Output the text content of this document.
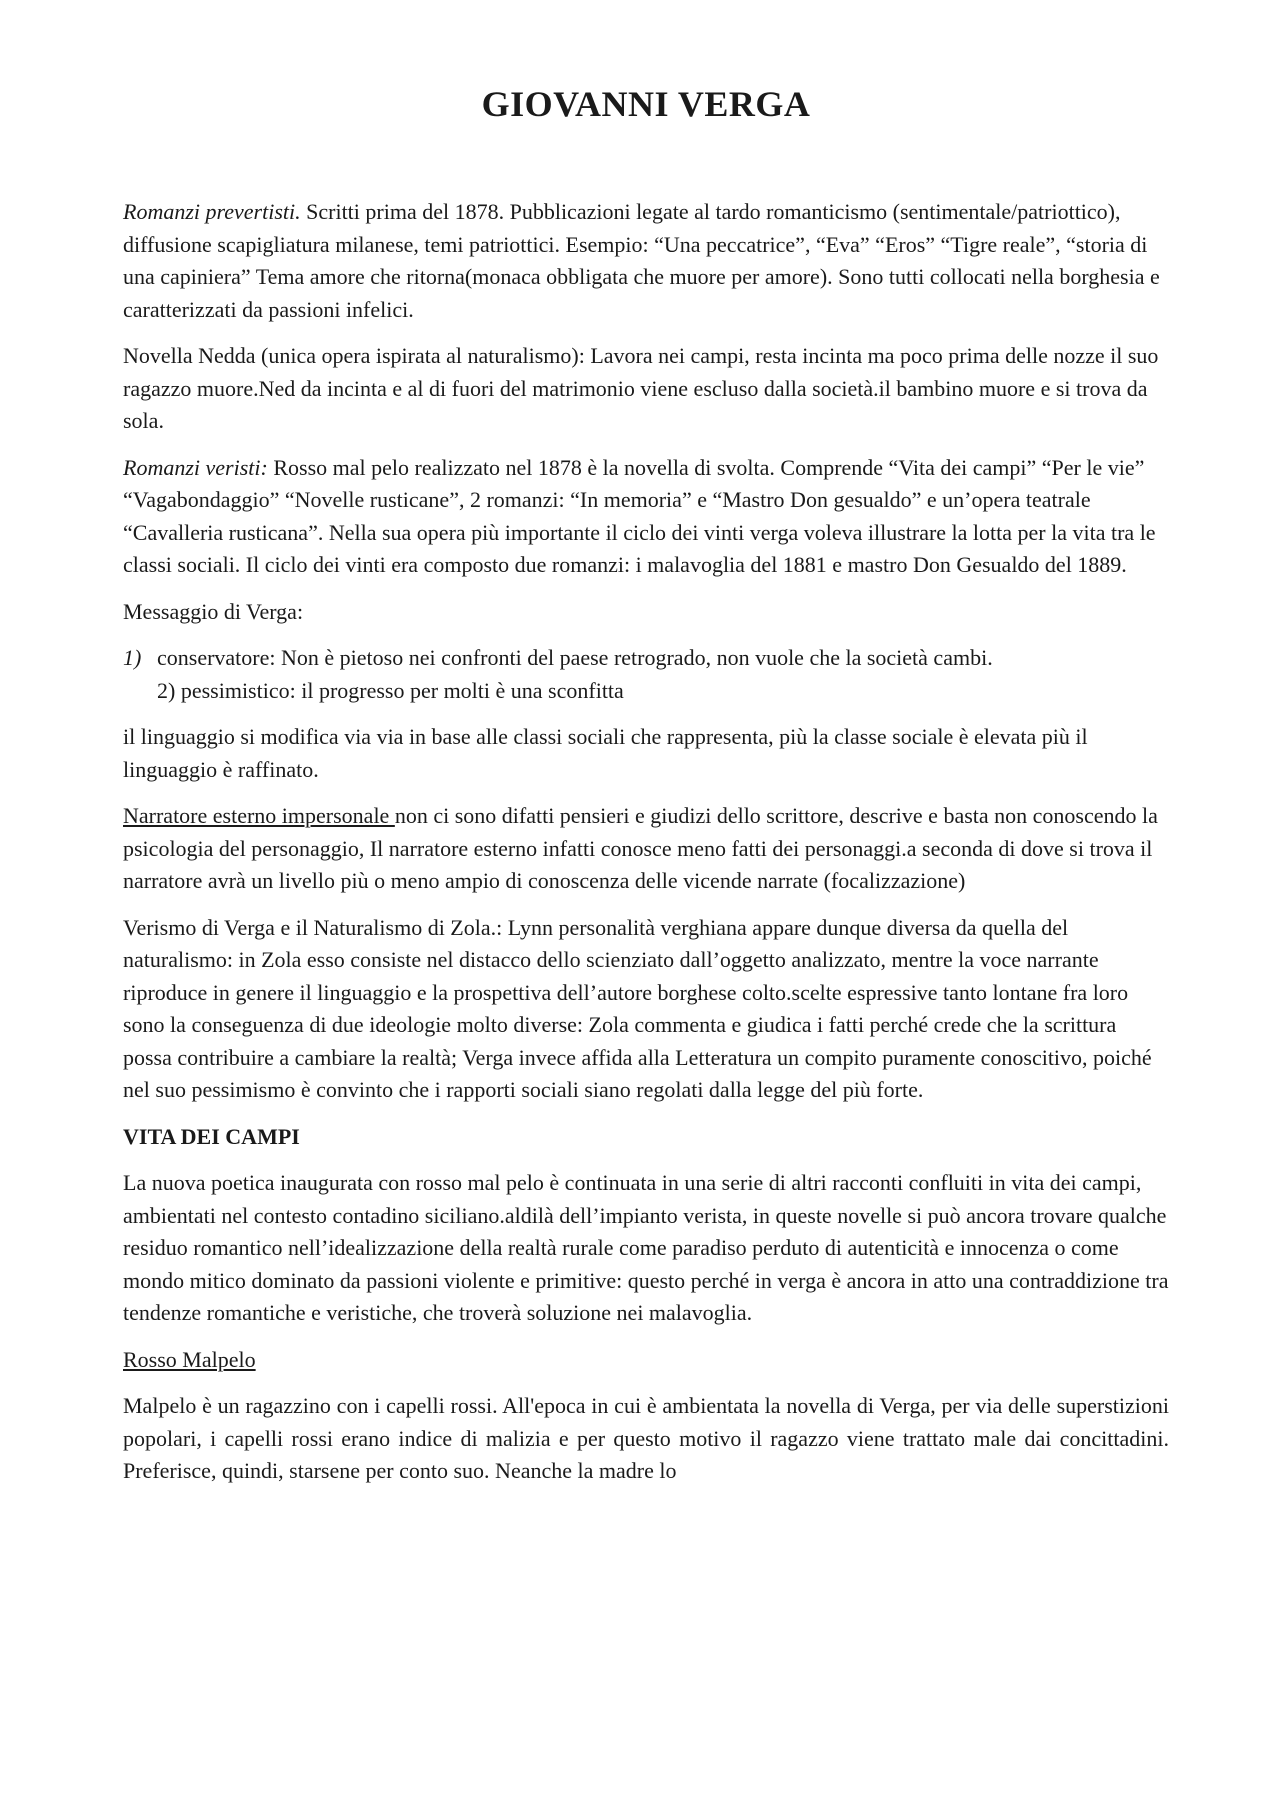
GIOVANNI VERGA

Romanzi prevertisti. Scritti prima del 1878. Pubblicazioni legate al tardo romanticismo (sentimentale/patriottico), diffusione scapigliatura milanese, temi patriottici. Esempio: “Una peccatrice”, “Eva” “Eros” “Tigre reale”, “storia di una capiniera” Tema amore che ritorna(monaca obbligata che muore per amore). Sono tutti collocati nella borghesia e caratterizzati da passioni infelici.

Novella Nedda (unica opera ispirata al naturalismo): Lavora nei campi, resta incinta ma poco prima delle nozze il suo ragazzo muore.Ned da incinta e al di fuori del matrimonio viene escluso dalla società.il bambino muore e si trova da sola.

Romanzi veristi: Rosso mal pelo realizzato nel 1878 è la novella di svolta. Comprende “Vita dei campi” “Per le vie” “Vagabondaggio” “Novelle rusticane”, 2 romanzi: “In memoria” e “Mastro Don gesualdo” e un’opera teatrale “Cavalleria rusticana”. Nella sua opera più importante il ciclo dei vinti verga voleva illustrare la lotta per la vita tra le classi sociali. Il ciclo dei vinti era composto due romanzi: i malavoglia del 1881 e mastro Don Gesualdo del 1889.

Messaggio di Verga:

1) conservatore: Non è pietoso nei confronti del paese retrogrado, non vuole che la società cambi.
2) pessimistico: il progresso per molti è una sconfitta

il linguaggio si modifica via via in base alle classi sociali che rappresenta, più la classe sociale è elevata più il linguaggio è raffinato.

Narratore esterno impersonale non ci sono difatti pensieri e giudizi dello scrittore, descrive e basta non conoscendo la psicologia del personaggio, Il narratore esterno infatti conosce meno fatti dei personaggi.a seconda di dove si trova il narratore avrà un livello più o meno ampio di conoscenza delle vicende narrate (focalizzazione)

Verismo di Verga e il Naturalismo di Zola.: Lynn personalità verghiana appare dunque diversa da quella del naturalismo: in Zola esso consiste nel distacco dello scienziato dall’oggetto analizzato, mentre la voce narrante riproduce in genere il linguaggio e la prospettiva dell’autore borghese colto.scelte espressive tanto lontane fra loro sono la conseguenza di due ideologie molto diverse: Zola commenta e giudica i fatti perché crede che la scrittura possa contribuire a cambiare la realtà; Verga invece affida alla Letteratura un compito puramente conoscitivo, poiché nel suo pessimismo è convinto che i rapporti sociali siano regolati dalla legge del più forte.

VITA DEI CAMPI

La nuova poetica inaugurata con rosso mal pelo è continuata in una serie di altri racconti confluiti in vita dei campi, ambientati nel contesto contadino siciliano.aldilà dell’impianto verista, in queste novelle si può ancora trovare qualche residuo romantico nell’idealizzazione della realtà rurale come paradiso perduto di autenticità e innocenza o come mondo mitico dominato da passioni violente e primitive: questo perché in verga è ancora in atto una contraddizione tra tendenze romantiche e veristiche, che troverà soluzione nei malavoglia.

Rosso Malpelo

Malpelo è un ragazzino con i capelli rossi. All'epoca in cui è ambientata la novella di Verga, per via delle superstizioni popolari, i capelli rossi erano indice di malizia e per questo motivo il ragazzo viene trattato male dai concittadini. Preferisce, quindi, starsene per conto suo. Neanche la madre lo
